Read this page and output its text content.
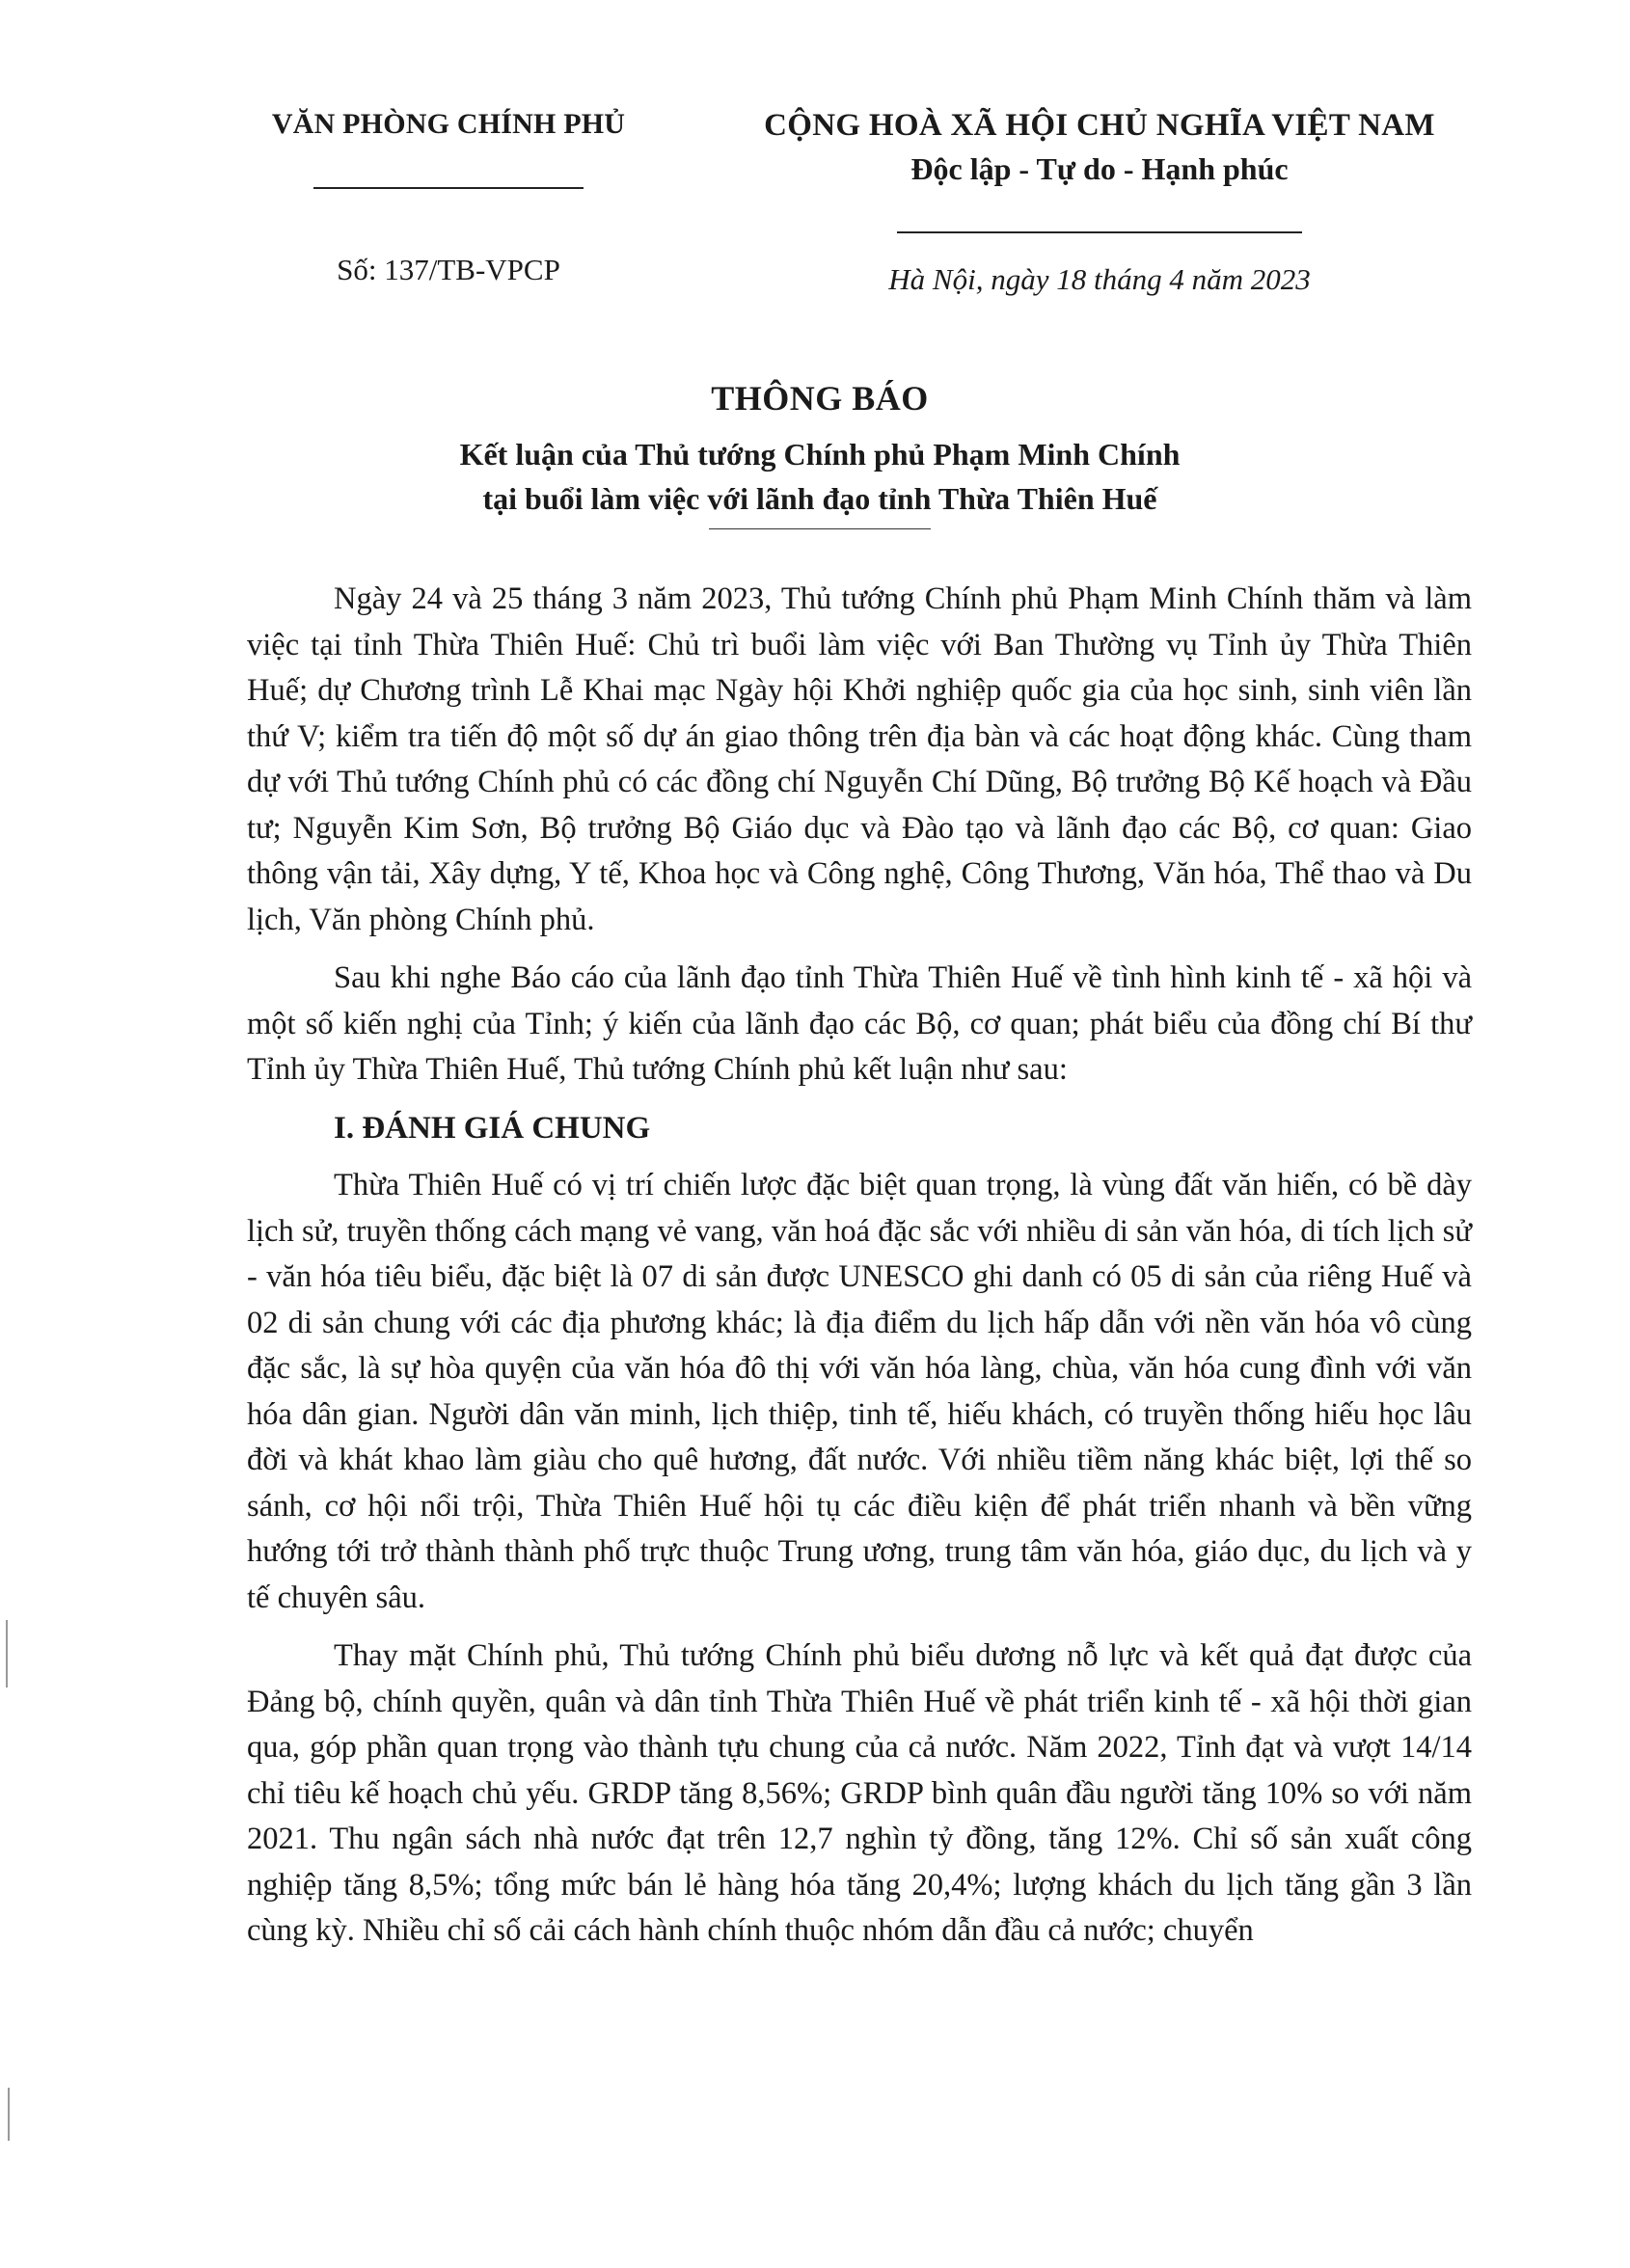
VĂN PHÒNG CHÍNH PHỦ	CỘNG HOÀ XÃ HỘI CHỦ NGHĨA VIỆT NAM
Độc lập - Tự do - Hạnh phúc
Số: 137/TB-VPCP	Hà Nội, ngày 18 tháng 4 năm 2023
THÔNG BÁO
Kết luận của Thủ tướng Chính phủ Phạm Minh Chính
tại buổi làm việc với lãnh đạo tỉnh Thừa Thiên Huế

Ngày 24 và 25 tháng 3 năm 2023, Thủ tướng Chính phủ Phạm Minh Chính thăm và làm việc tại tỉnh Thừa Thiên Huế: Chủ trì buổi làm việc với Ban Thường vụ Tỉnh ủy Thừa Thiên Huế; dự Chương trình Lễ Khai mạc Ngày hội Khởi nghiệp quốc gia của học sinh, sinh viên lần thứ V; kiểm tra tiến độ một số dự án giao thông trên địa bàn và các hoạt động khác. Cùng tham dự với Thủ tướng Chính phủ có các đồng chí Nguyễn Chí Dũng, Bộ trưởng Bộ Kế hoạch và Đầu tư; Nguyễn Kim Sơn, Bộ trưởng Bộ Giáo dục và Đào tạo và lãnh đạo các Bộ, cơ quan: Giao thông vận tải, Xây dựng, Y tế, Khoa học và Công nghệ, Công Thương, Văn hóa, Thể thao và Du lịch, Văn phòng Chính phủ.

Sau khi nghe Báo cáo của lãnh đạo tỉnh Thừa Thiên Huế về tình hình kinh tế - xã hội và một số kiến nghị của Tỉnh; ý kiến của lãnh đạo các Bộ, cơ quan; phát biểu của đồng chí Bí thư Tỉnh ủy Thừa Thiên Huế, Thủ tướng Chính phủ kết luận như sau:

I. ĐÁNH GIÁ CHUNG

Thừa Thiên Huế có vị trí chiến lược đặc biệt quan trọng, là vùng đất văn hiến, có bề dày lịch sử, truyền thống cách mạng vẻ vang, văn hoá đặc sắc với nhiều di sản văn hóa, di tích lịch sử - văn hóa tiêu biểu, đặc biệt là 07 di sản được UNESCO ghi danh có 05 di sản của riêng Huế và 02 di sản chung với các địa phương khác; là địa điểm du lịch hấp dẫn với nền văn hóa vô cùng đặc sắc, là sự hòa quyện của văn hóa đô thị với văn hóa làng, chùa, văn hóa cung đình với văn hóa dân gian. Người dân văn minh, lịch thiệp, tinh tế, hiếu khách, có truyền thống hiếu học lâu đời và khát khao làm giàu cho quê hương, đất nước. Với nhiều tiềm năng khác biệt, lợi thế so sánh, cơ hội nổi trội, Thừa Thiên Huế hội tụ các điều kiện để phát triển nhanh và bền vững hướng tới trở thành thành phố trực thuộc Trung ương, trung tâm văn hóa, giáo dục, du lịch và y tế chuyên sâu.

Thay mặt Chính phủ, Thủ tướng Chính phủ biểu dương nỗ lực và kết quả đạt được của Đảng bộ, chính quyền, quân và dân tỉnh Thừa Thiên Huế về phát triển kinh tế - xã hội thời gian qua, góp phần quan trọng vào thành tựu chung của cả nước. Năm 2022, Tỉnh đạt và vượt 14/14 chỉ tiêu kế hoạch chủ yếu. GRDP tăng 8,56%; GRDP bình quân đầu người tăng 10% so với năm 2021. Thu ngân sách nhà nước đạt trên 12,7 nghìn tỷ đồng, tăng 12%. Chỉ số sản xuất công nghiệp tăng 8,5%; tổng mức bán lẻ hàng hóa tăng 20,4%; lượng khách du lịch tăng gần 3 lần cùng kỳ. Nhiều chỉ số cải cách hành chính thuộc nhóm dẫn đầu cả nước; chuyển
